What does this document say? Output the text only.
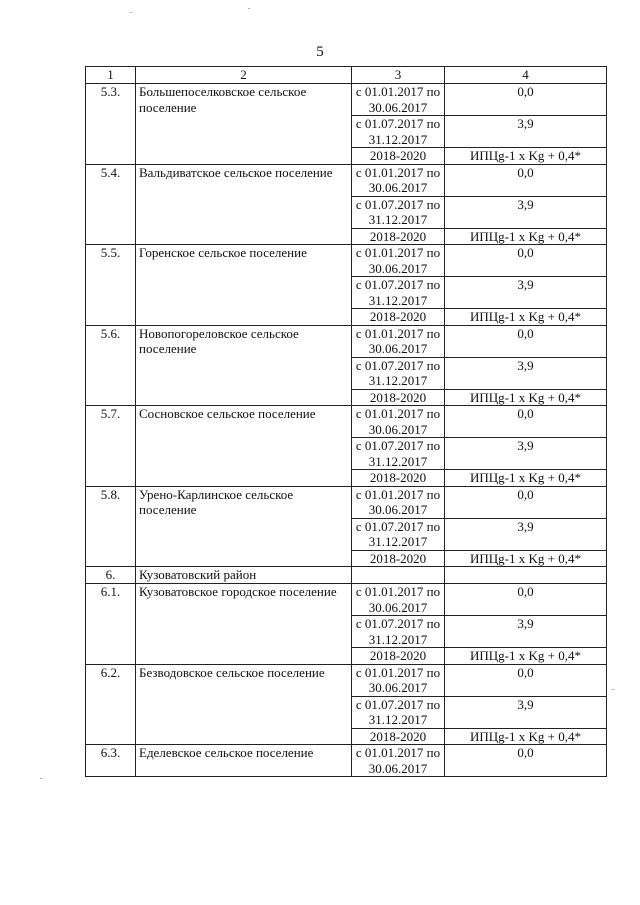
5
1	2	3	4
5.3.	Большепоселковское сельское поселение	с 01.01.2017 по 30.06.2017	0,0
		с 01.07.2017 по 31.12.2017	3,9
		2018-2020	ИПЦg-1 x Kg + 0,4*
5.4.	Вальдиватское сельское поселение	с 01.01.2017 по 30.06.2017	0,0
		с 01.07.2017 по 31.12.2017	3,9
		2018-2020	ИПЦg-1 x Kg + 0,4*
5.5.	Горенское сельское поселение	с 01.01.2017 по 30.06.2017	0,0
		с 01.07.2017 по 31.12.2017	3,9
		2018-2020	ИПЦg-1 x Kg + 0,4*
5.6.	Новопогореловское сельское поселение	с 01.01.2017 по 30.06.2017	0,0
		с 01.07.2017 по 31.12.2017	3,9
		2018-2020	ИПЦg-1 x Kg + 0,4*
5.7.	Сосновское сельское поселение	с 01.01.2017 по 30.06.2017	0,0
		с 01.07.2017 по 31.12.2017	3,9
		2018-2020	ИПЦg-1 x Kg + 0,4*
5.8.	Урено-Карлинское сельское поселение	с 01.01.2017 по 30.06.2017	0,0
		с 01.07.2017 по 31.12.2017	3,9
		2018-2020	ИПЦg-1 x Kg + 0,4*
6.	Кузоватовский район		
6.1.	Кузоватовское городское поселение	с 01.01.2017 по 30.06.2017	0,0
		с 01.07.2017 по 31.12.2017	3,9
		2018-2020	ИПЦg-1 x Kg + 0,4*
6.2.	Безводовское сельское поселение	с 01.01.2017 по 30.06.2017	0,0
		с 01.07.2017 по 31.12.2017	3,9
		2018-2020	ИПЦg-1 x Kg + 0,4*
6.3.	Еделевское сельское поселение	с 01.01.2017 по 30.06.2017	0,0
